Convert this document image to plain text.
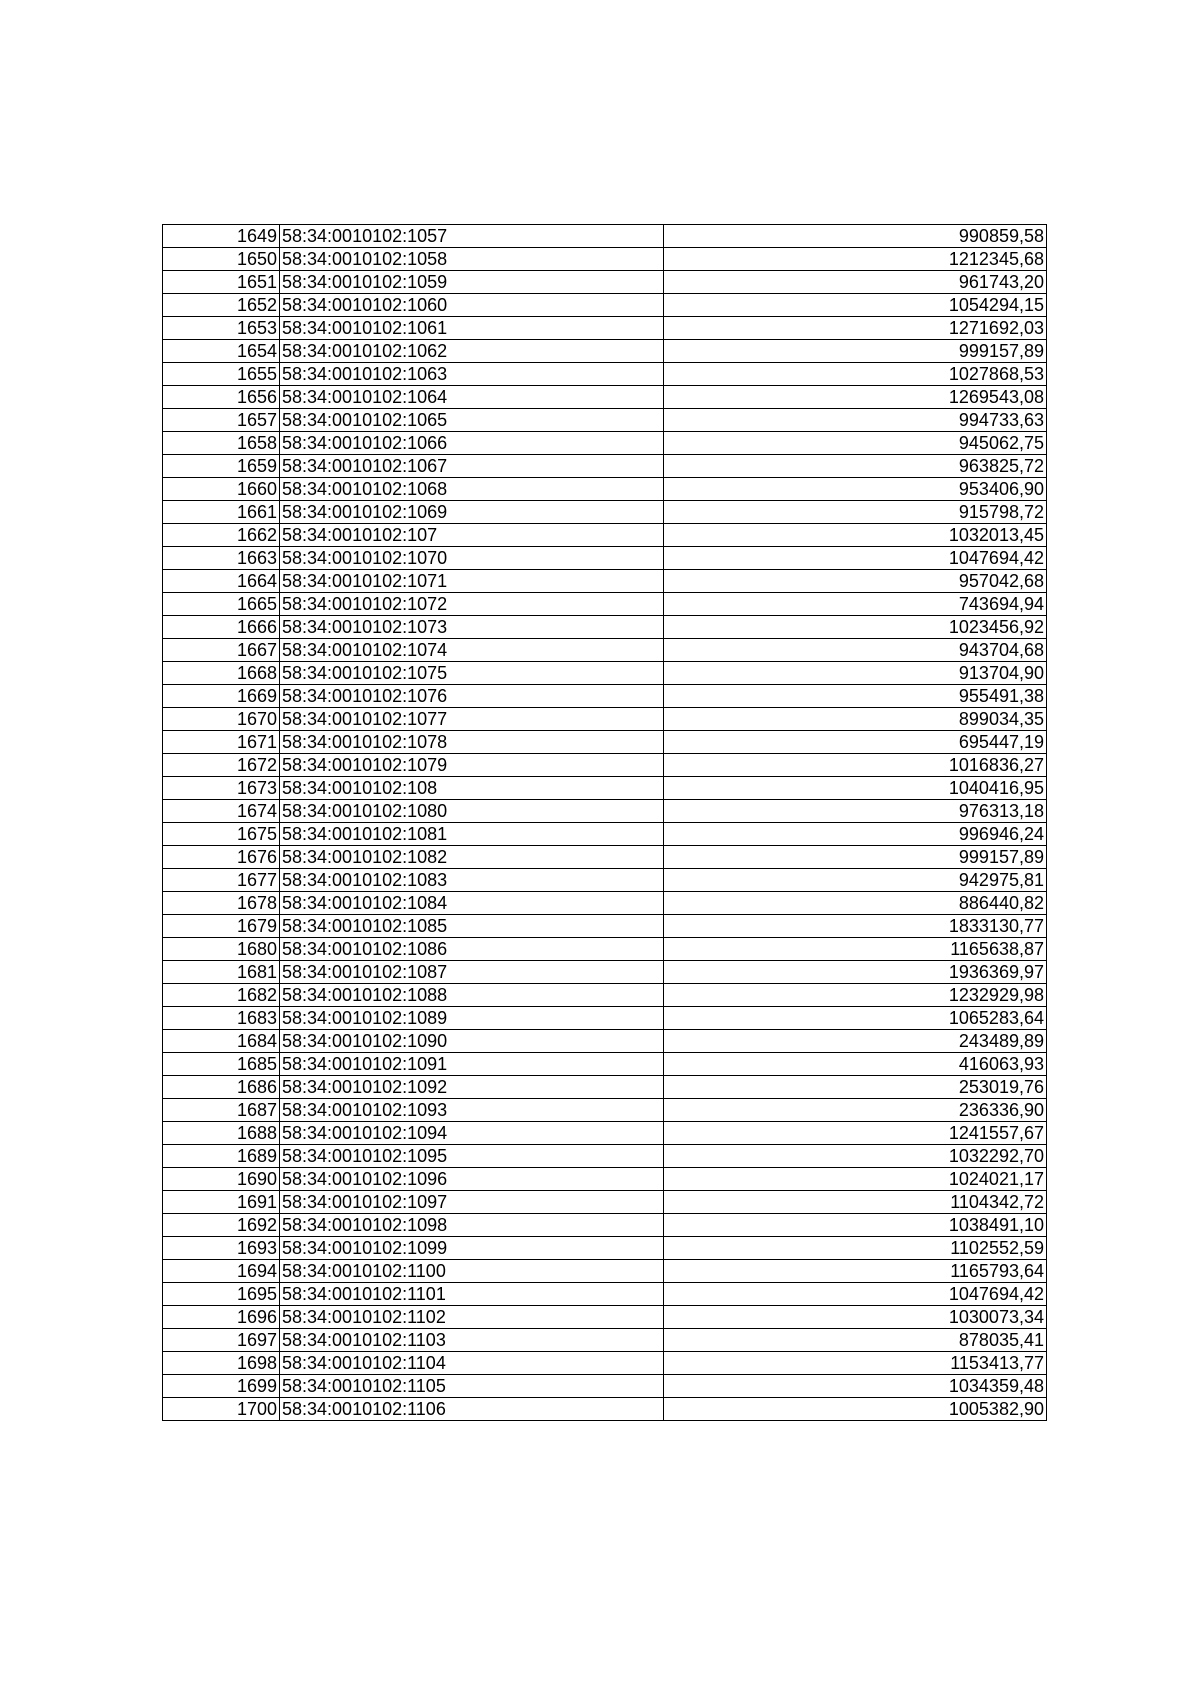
1649	58:34:0010102:1057	990859,58
1650	58:34:0010102:1058	1212345,68
1651	58:34:0010102:1059	961743,20
1652	58:34:0010102:1060	1054294,15
1653	58:34:0010102:1061	1271692,03
1654	58:34:0010102:1062	999157,89
1655	58:34:0010102:1063	1027868,53
1656	58:34:0010102:1064	1269543,08
1657	58:34:0010102:1065	994733,63
1658	58:34:0010102:1066	945062,75
1659	58:34:0010102:1067	963825,72
1660	58:34:0010102:1068	953406,90
1661	58:34:0010102:1069	915798,72
1662	58:34:0010102:107	1032013,45
1663	58:34:0010102:1070	1047694,42
1664	58:34:0010102:1071	957042,68
1665	58:34:0010102:1072	743694,94
1666	58:34:0010102:1073	1023456,92
1667	58:34:0010102:1074	943704,68
1668	58:34:0010102:1075	913704,90
1669	58:34:0010102:1076	955491,38
1670	58:34:0010102:1077	899034,35
1671	58:34:0010102:1078	695447,19
1672	58:34:0010102:1079	1016836,27
1673	58:34:0010102:108	1040416,95
1674	58:34:0010102:1080	976313,18
1675	58:34:0010102:1081	996946,24
1676	58:34:0010102:1082	999157,89
1677	58:34:0010102:1083	942975,81
1678	58:34:0010102:1084	886440,82
1679	58:34:0010102:1085	1833130,77
1680	58:34:0010102:1086	1165638,87
1681	58:34:0010102:1087	1936369,97
1682	58:34:0010102:1088	1232929,98
1683	58:34:0010102:1089	1065283,64
1684	58:34:0010102:1090	243489,89
1685	58:34:0010102:1091	416063,93
1686	58:34:0010102:1092	253019,76
1687	58:34:0010102:1093	236336,90
1688	58:34:0010102:1094	1241557,67
1689	58:34:0010102:1095	1032292,70
1690	58:34:0010102:1096	1024021,17
1691	58:34:0010102:1097	1104342,72
1692	58:34:0010102:1098	1038491,10
1693	58:34:0010102:1099	1102552,59
1694	58:34:0010102:1100	1165793,64
1695	58:34:0010102:1101	1047694,42
1696	58:34:0010102:1102	1030073,34
1697	58:34:0010102:1103	878035,41
1698	58:34:0010102:1104	1153413,77
1699	58:34:0010102:1105	1034359,48
1700	58:34:0010102:1106	1005382,90
